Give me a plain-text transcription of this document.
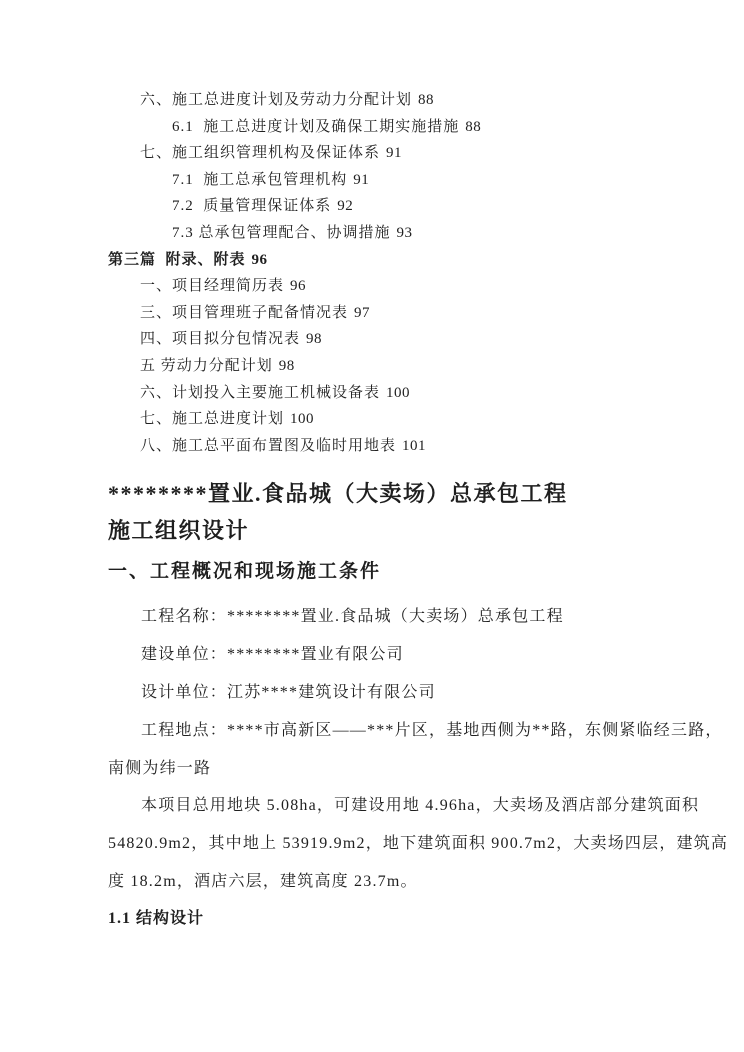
六、施工总进度计划及劳动力分配计划 88
6.1  施工总进度计划及确保工期实施措施 88
七、施工组织管理机构及保证体系 91
7.1  施工总承包管理机构 91
7.2  质量管理保证体系 92
7.3 总承包管理配合、协调措施 93
第三篇  附录、附表 96
一、项目经理简历表 96
三、项目管理班子配备情况表 97
四、项目拟分包情况表 98
五 劳动力分配计划 98
六、计划投入主要施工机械设备表 100
七、施工总进度计划 100
八、施工总平面布置图及临时用地表 101
********置业.食品城（大卖场）总承包工程
施工组织设计
一、工程概况和现场施工条件
工程名称：********置业.食品城（大卖场）总承包工程
建设单位：********置业有限公司
设计单位：江苏****建筑设计有限公司
工程地点：****市高新区——***片区，基地西侧为**路，东侧紧临经三路，
南侧为纬一路
本项目总用地块 5.08ha，可建设用地 4.96ha，大卖场及酒店部分建筑面积
54820.9m2，其中地上 53919.9m2，地下建筑面积 900.7m2，大卖场四层，建筑高
度 18.2m，酒店六层，建筑高度 23.7m。
1.1 结构设计
